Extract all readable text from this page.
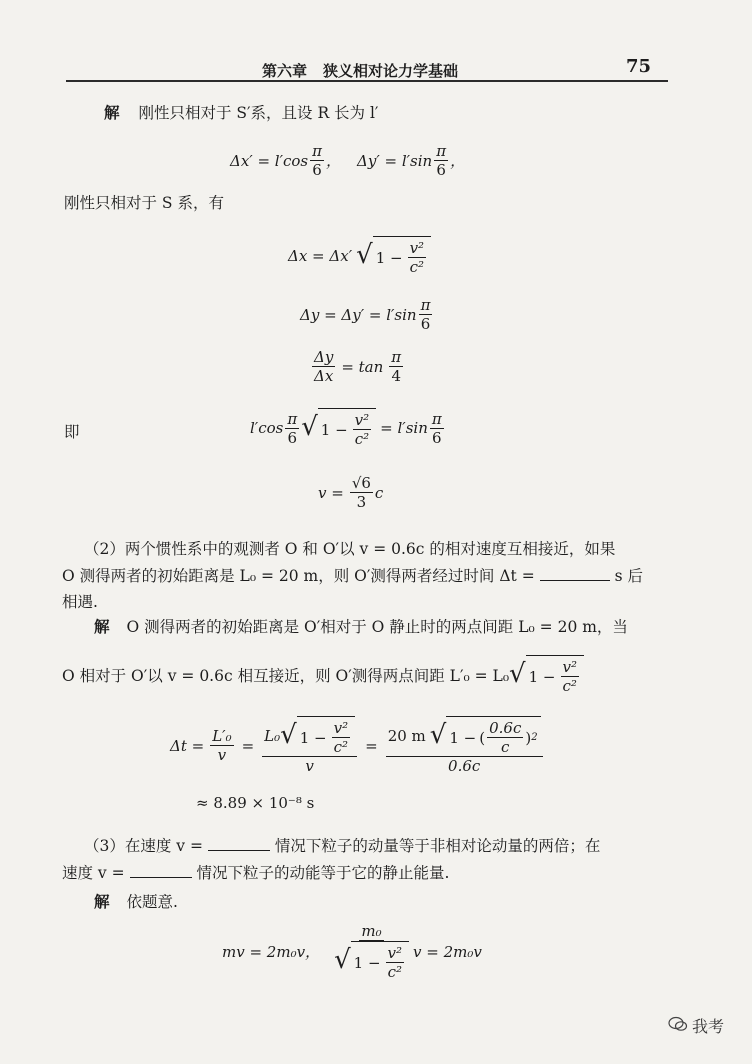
第六章 狭义相对论力学基础	75
解 刚性只相对于 S′系，且设 R 长为 l′
$\Delta x' = l'\cos \frac{\pi}{6}$ ， $\Delta y' = l'\sin \frac{\pi}{6}$ ，
刚性只相对于 S 系，有
Δx = Δx′ √ $1 - \frac{\text{v²}}{\text{c²}}$
$\Delta y = \Delta y' = l'\sin \frac{\pi}{6}$
$\frac{\Delta y}{\Delta x} = \tan \frac{\pi}{4}$
即	$l'\cos \frac{\pi}{6}$ √ $1 - \frac{\text{v²}}{\text{c²}} = l'\sin \frac{\pi}{6}$
$v = \frac{√6}{3}$ c
（2）两个惯性系中的观测者 O 和 O′以 v = 0.6c 的相对速度互相接近，如果
O 测得两者的初始距离是 L₀ = 20 m，则 O′测得两者经过时间 Δt =	s 后
相遇.
解 O 测得两者的初始距离是 O′相对于 O 静止时的两点间距 L₀ = 20 m，当
O 相对于 O′以 v = 0.6c 相互接近，则 O′测得两点间距 L′₀ = L₀ √ $1 - \frac{\text{v²}}{\text{c²}}$
$\Delta t = \frac{\text{L′₀}}{v} = \frac{L_0 √ 1 - \frac{\text{v²}}{\text{c²}}}{v} = \frac{20 m √ 1 - ( \frac{0.6c}{c} ) 2}{0.6c}$
≈ 8.89 × 10⁻⁸ s
（3）在速度 v =	情况下粒子的动量等于非相对论动量的两倍；在
速度 v =	情况下粒子的动能等于它的静止能量.
解 依题意.
mv = 2m₀v， $\frac{\text{m₀}}{√ 1 - \frac{\text{v²}}{\text{c²}}}$ v = 2m₀v
我考
